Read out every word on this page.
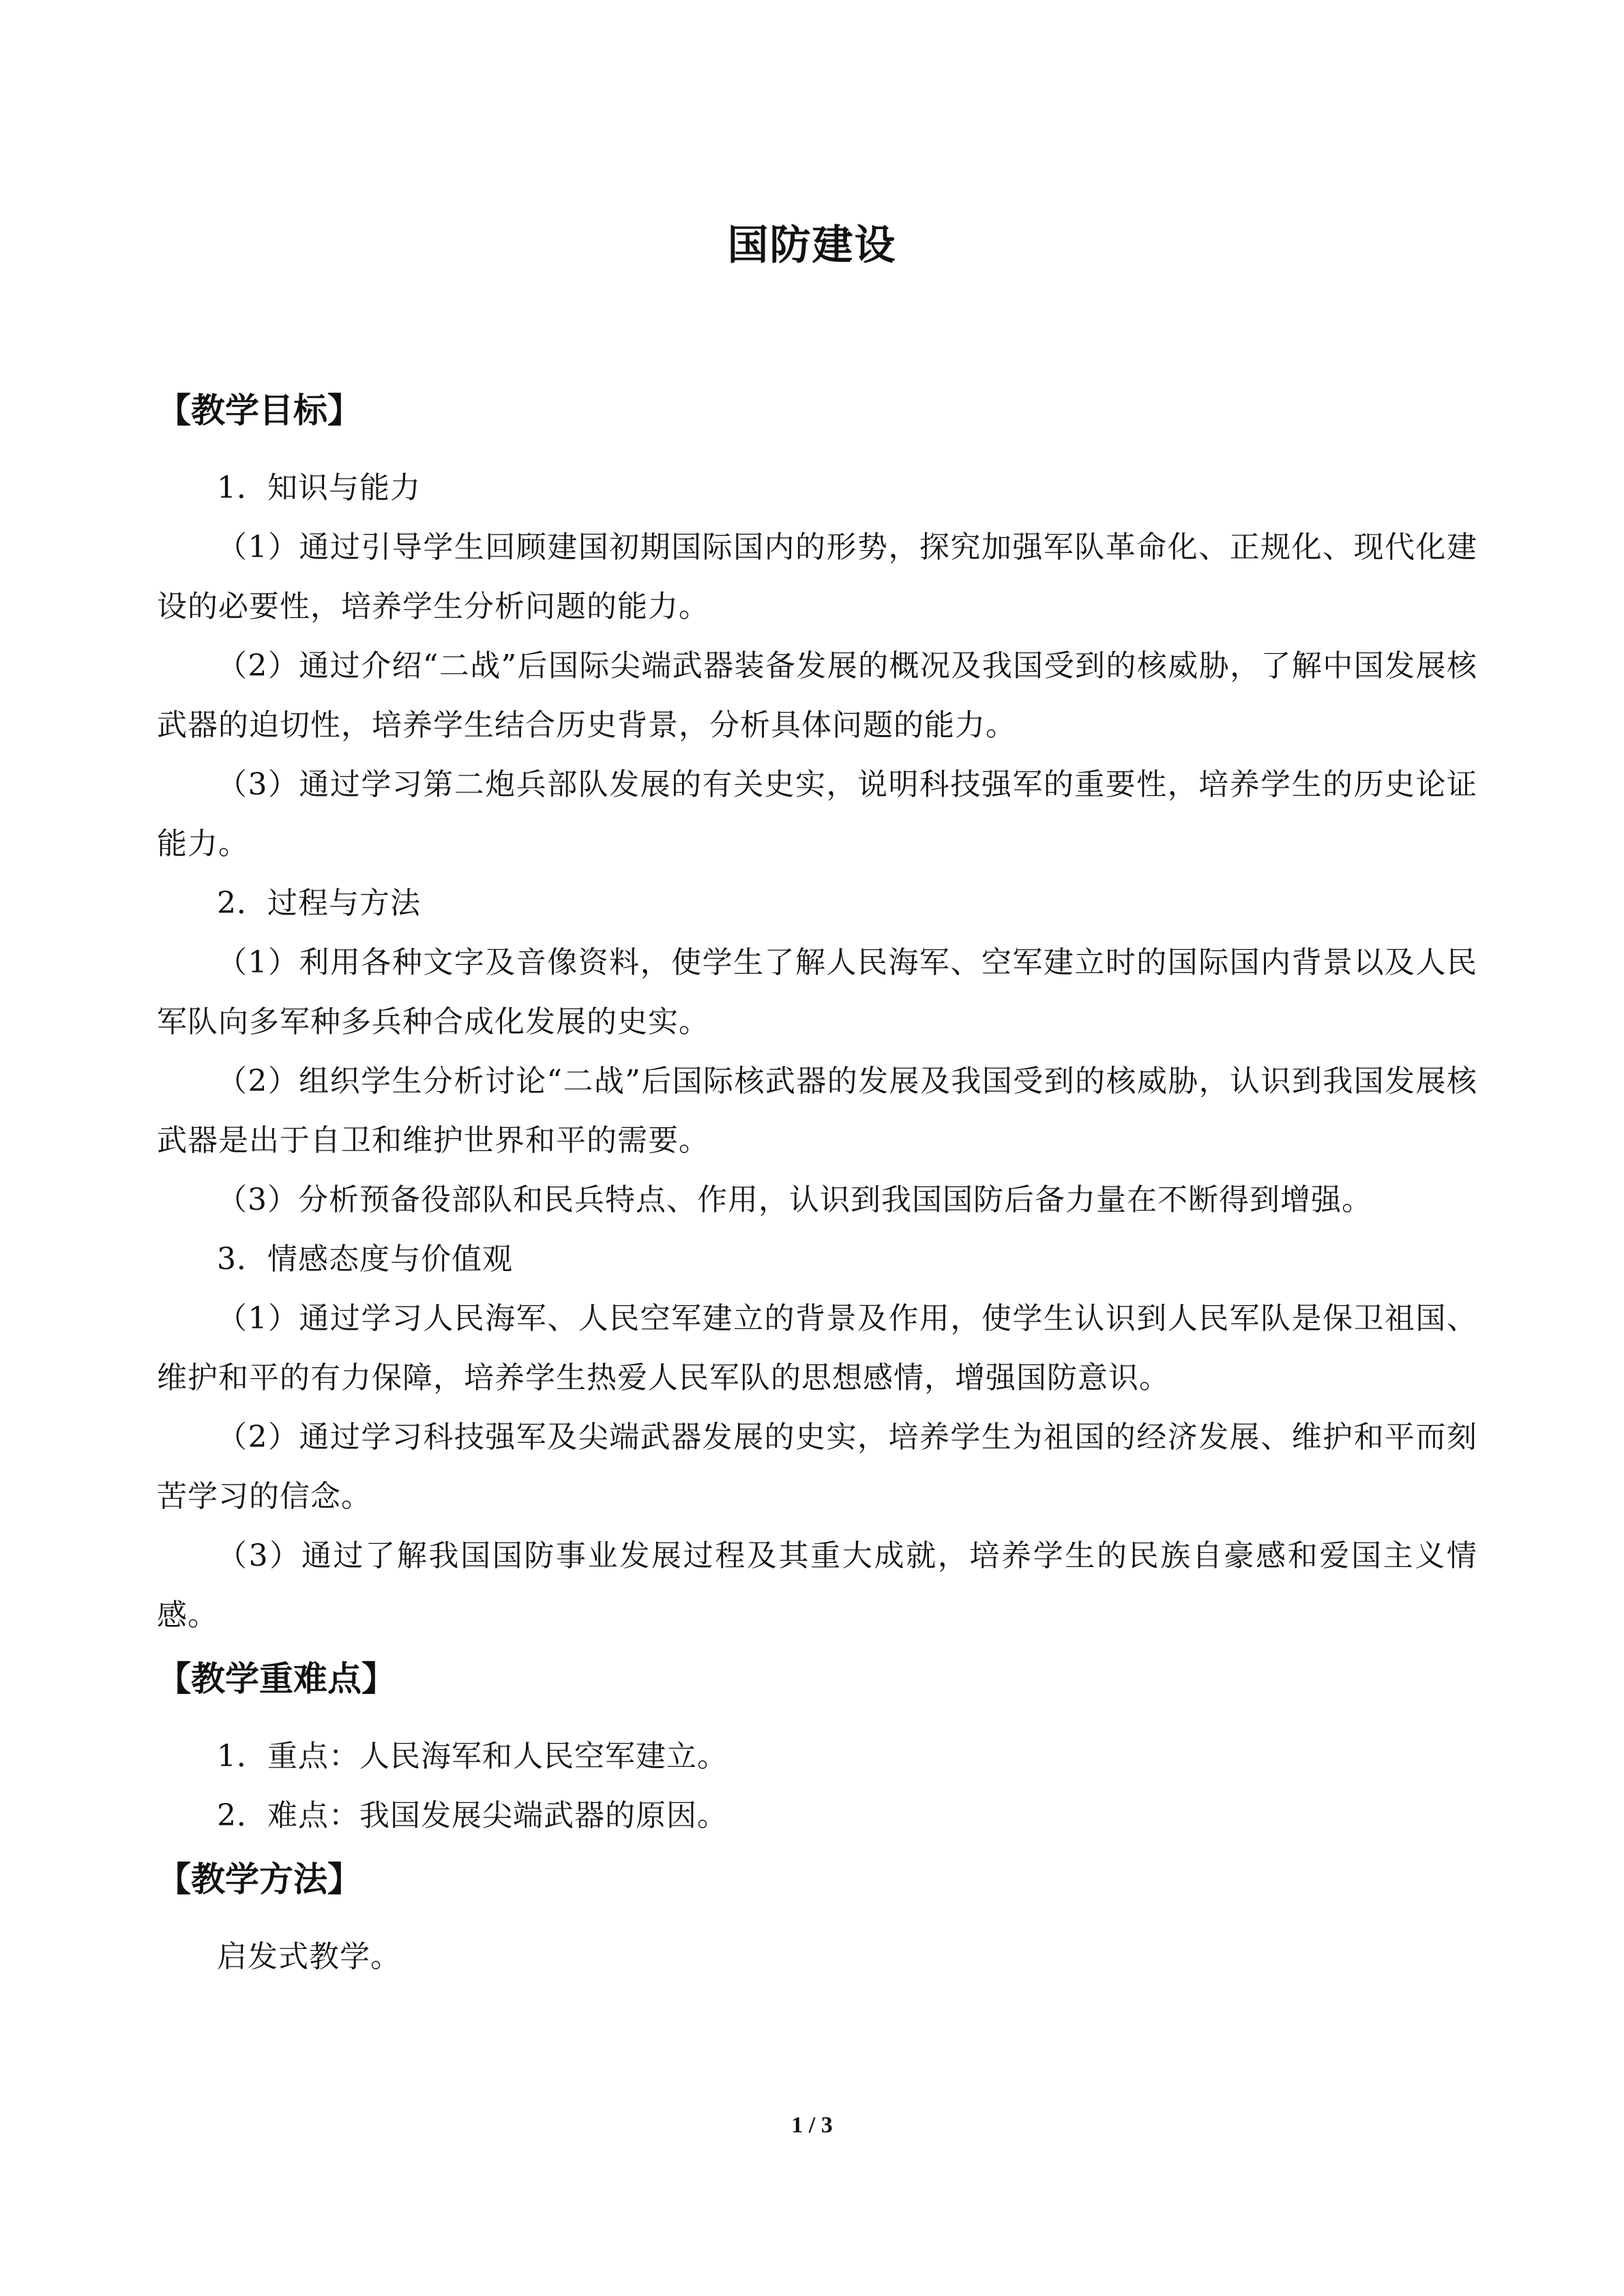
国防建设
【教学目标】

1．知识与能力

（1）通过引导学生回顾建国初期国际国内的形势，探究加强军队革命化、正规化、现代化建设的必要性，培养学生分析问题的能力。

（2）通过介绍“二战”后国际尖端武器装备发展的概况及我国受到的核威胁，了解中国发展核武器的迫切性，培养学生结合历史背景，分析具体问题的能力。

（3）通过学习第二炮兵部队发展的有关史实，说明科技强军的重要性，培养学生的历史论证能力。

2．过程与方法

（1）利用各种文字及音像资料，使学生了解人民海军、空军建立时的国际国内背景以及人民军队向多军种多兵种合成化发展的史实。

（2）组织学生分析讨论“二战”后国际核武器的发展及我国受到的核威胁，认识到我国发展核武器是出于自卫和维护世界和平的需要。

（3）分析预备役部队和民兵特点、作用，认识到我国国防后备力量在不断得到增强。

3．情感态度与价值观

（1）通过学习人民海军、人民空军建立的背景及作用，使学生认识到人民军队是保卫祖国、维护和平的有力保障，培养学生热爱人民军队的思想感情，增强国防意识。

（2）通过学习科技强军及尖端武器发展的史实，培养学生为祖国的经济发展、维护和平而刻苦学习的信念。

（3）通过了解我国国防事业发展过程及其重大成就，培养学生的民族自豪感和爱国主义情感。

【教学重难点】

1．重点：人民海军和人民空军建立。

2．难点：我国发展尖端武器的原因。

【教学方法】

启发式教学。

1 / 3
